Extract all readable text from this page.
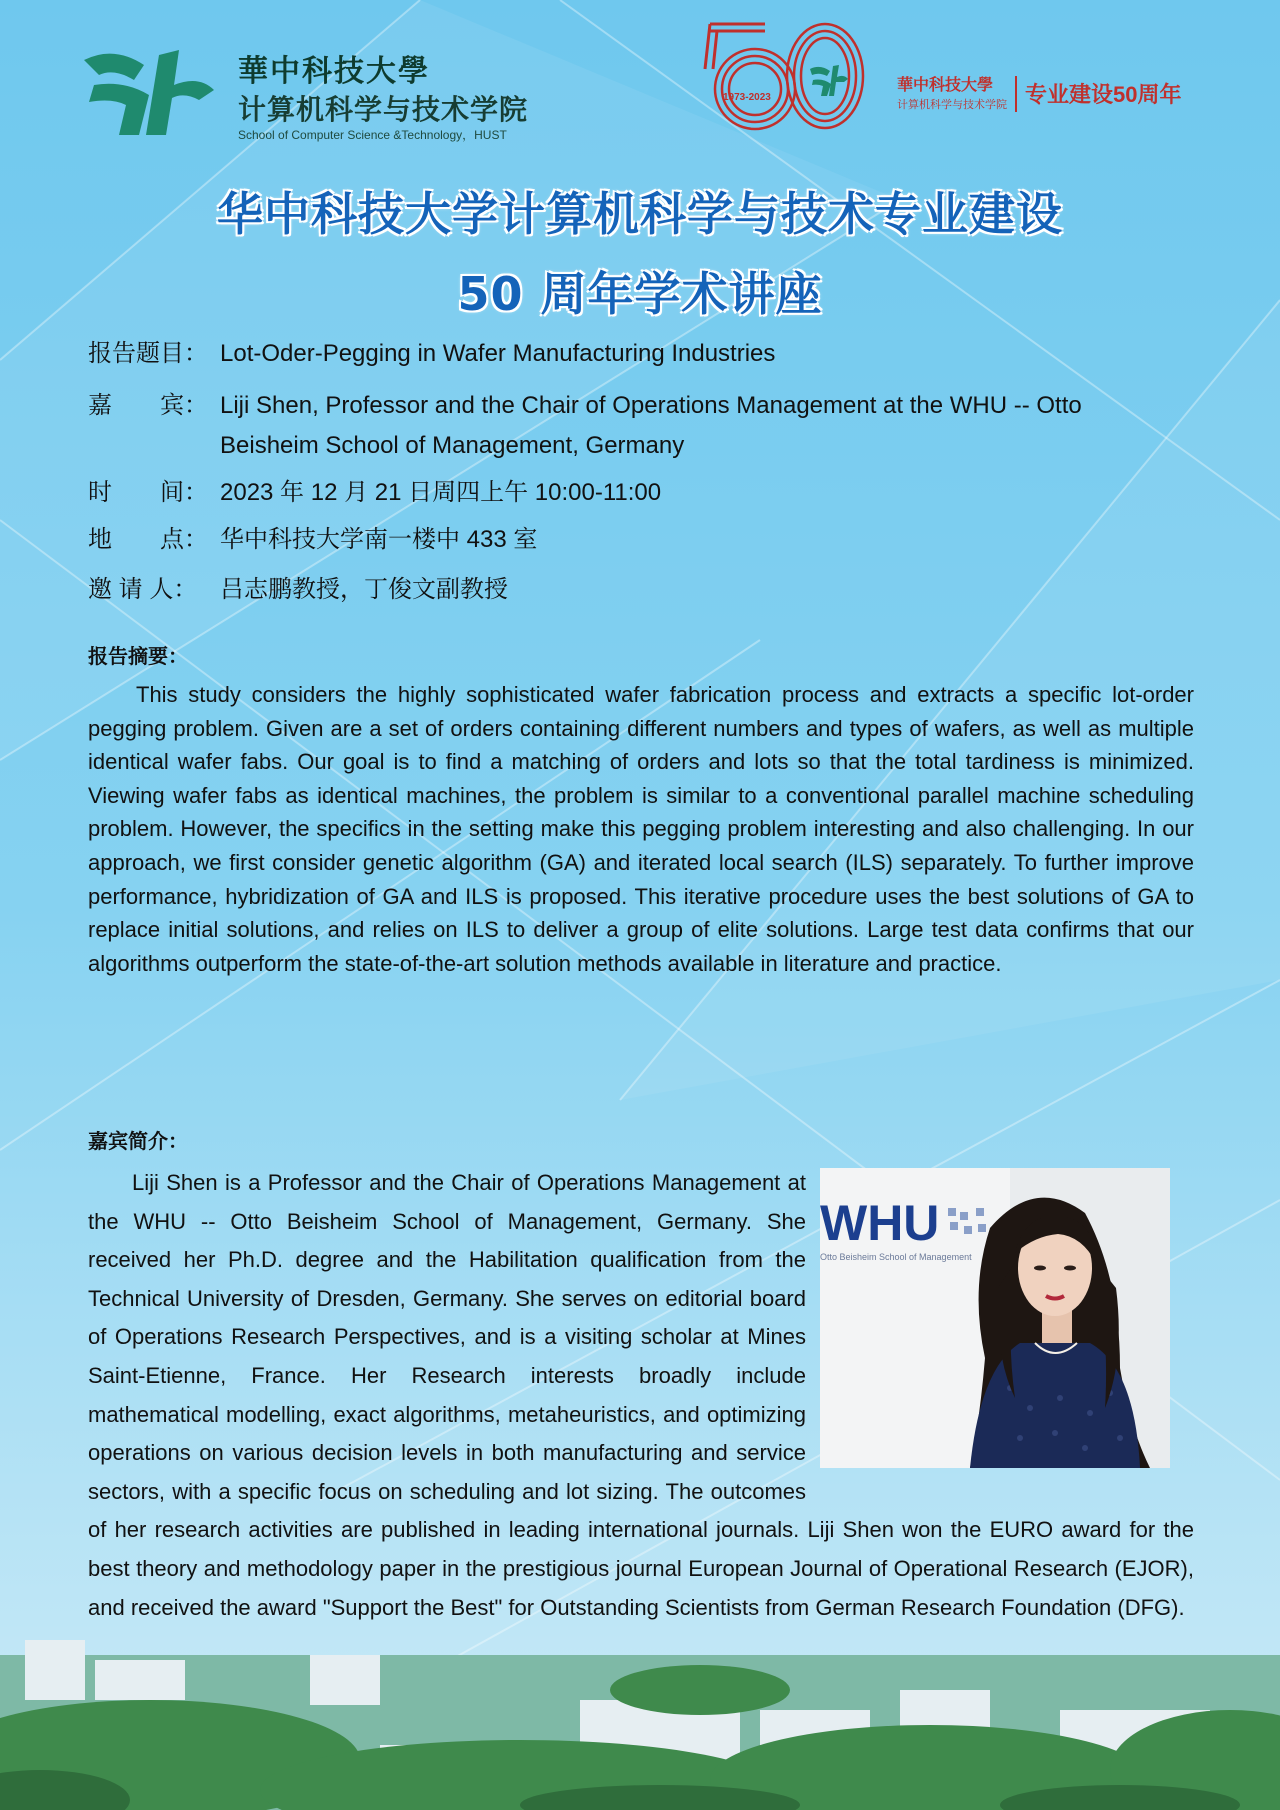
華中科技大學
计算机科学与技术学院
School of Computer Science &Technology，HUST
1973-2023
華中科技大學
计算机科学与技术学院 专业建设50周年
华中科技大学计算机科学与技术专业建设
50 周年学术讲座
报告题目： Lot-Oder-Pegging in Wafer Manufacturing Industries
嘉　　宾： Liji Shen, Professor and the Chair of Operations Management at the WHU -- Otto
Beisheim School of Management, Germany
时　　间： 2023 年 12 月 21 日周四上午 10:00-11:00
地　　点： 华中科技大学南一楼中 433 室
邀 请 人： 吕志鹏教授，丁俊文副教授
报告摘要：

This study considers the highly sophisticated wafer fabrication process and extracts a specific lot-order pegging problem. Given are a set of orders containing different numbers and types of wafers, as well as multiple identical wafer fabs. Our goal is to find a matching of orders and lots so that the total tardiness is minimized. Viewing wafer fabs as identical machines, the problem is similar to a conventional parallel machine scheduling problem. However, the specifics in the setting make this pegging problem interesting and also challenging. In our approach, we first consider genetic algorithm (GA) and iterated local search (ILS) separately. To further improve performance, hybridization of GA and ILS is proposed. This iterative procedure uses the best solutions of GA to replace initial solutions, and relies on ILS to deliver a group of elite solutions. Large test data confirms that our algorithms outperform the state-of-the-art solution methods available in literature and practice.

嘉宾简介：
Liji Shen is a Professor and the Chair of Operations Management at the WHU -- Otto Beisheim School of Management, Germany. She received her Ph.D. degree and the Habilitation qualification from the Technical University of Dresden, Germany. She serves on editorial board of Operations Research Perspectives, and is a visiting scholar at Mines Saint-Etienne, France. Her Research interests broadly include mathematical modelling, exact algorithms, metaheuristics, and optimizing operations on various decision levels in both manufacturing and service sectors, with a specific focus on scheduling and lot sizing. The outcomes of her research activities are published in leading international journals. Liji Shen won the EURO award for the best theory and methodology paper in the prestigious journal European Journal of Operational Research (EJOR), and received the award "Support the Best" for Outstanding Scientists from German Research Foundation (DFG).
WHU
Otto Beisheim School of Management
